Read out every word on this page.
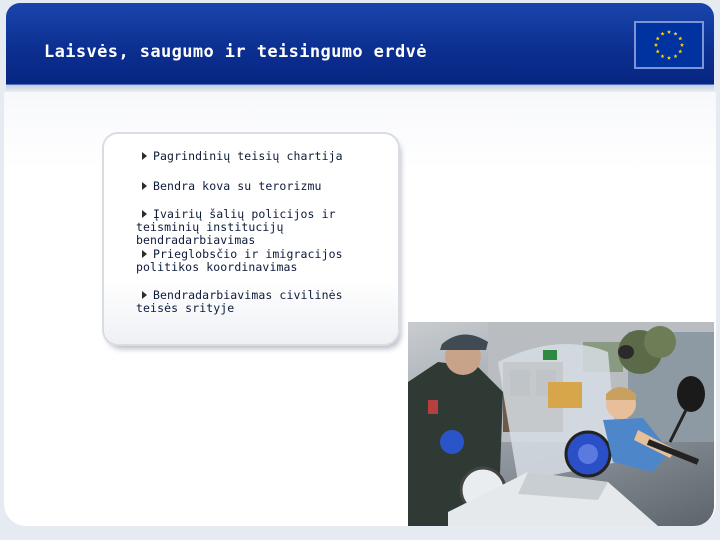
Laisvės, saugumo ir teisingumo erdvė
Pagrindinių teisių chartija
Bendra kova su terorizmu
Įvairių šalių policijos ir teisminių institucijų bendradarbiavimas
Prieglobsčio ir imigracijos politikos koordinavimas
Bendradarbiavimas civilinės teisės srityje
